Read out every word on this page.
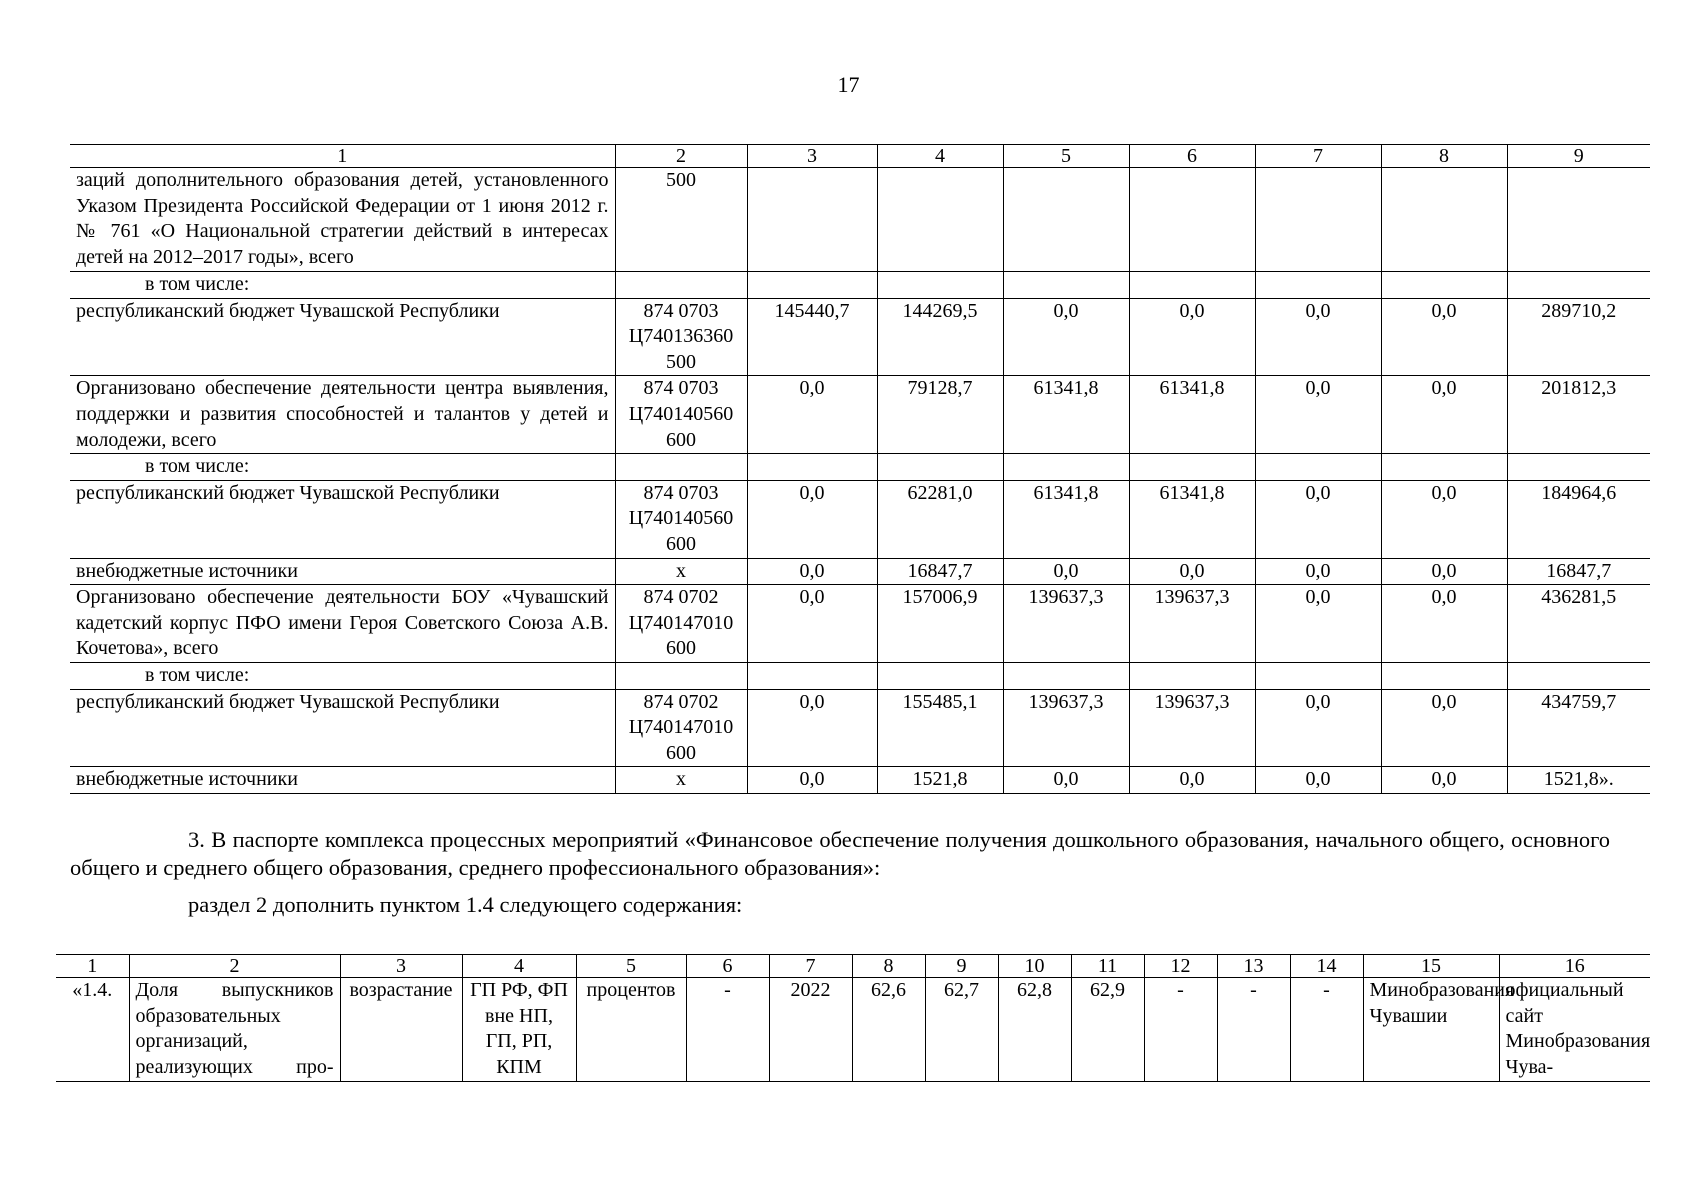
17
1	2	3	4	5	6	7	8	9
заций дополнительного образования детей, установленного Указом Президента Российской Федерации от 1 июня 2012 г. № 761 «О Национальной стратегии действий в интересах детей на 2012–2017 годы», всего	500							
в том числе:								
республиканский бюджет Чувашской Республики	874 0703 Ц740136360 500	145440,7	144269,5	0,0	0,0	0,0	0,0	289710,2
Организовано обеспечение деятельности центра выявления, поддержки и развития способностей и талантов у детей и молодежи, всего	874 0703 Ц740140560 600	0,0	79128,7	61341,8	61341,8	0,0	0,0	201812,3
в том числе:								
республиканский бюджет Чувашской Республики	874 0703 Ц740140560 600	0,0	62281,0	61341,8	61341,8	0,0	0,0	184964,6
внебюджетные источники	х	0,0	16847,7	0,0	0,0	0,0	0,0	16847,7
Организовано обеспечение деятельности БОУ «Чувашский кадетский корпус ПФО имени Героя Советского Союза А.В. Кочетова», всего	874 0702 Ц740147010 600	0,0	157006,9	139637,3	139637,3	0,0	0,0	436281,5
в том числе:								
республиканский бюджет Чувашской Республики	874 0702 Ц740147010 600	0,0	155485,1	139637,3	139637,3	0,0	0,0	434759,7
внебюджетные источники	х	0,0	1521,8	0,0	0,0	0,0	0,0	1521,8».
3. В паспорте комплекса процессных мероприятий «Финансовое обеспечение получения дошкольного образования, начального общего, основного общего и среднего общего образования, среднего профессионального образования»:
раздел 2 дополнить пунктом 1.4 следующего содержания:
1	2	3	4	5	6	7	8	9	10	11	12	13	14	15	16
«1.4.	Доля выпускников образовательных организаций, реализующих про-	возрастание	ГП РФ, ФП вне НП, ГП, РП, КПМ	процентов	-	2022	62,6	62,7	62,8	62,9	-	-	-	Минобразования Чувашии	официальный сайт Минобразования Чува-
